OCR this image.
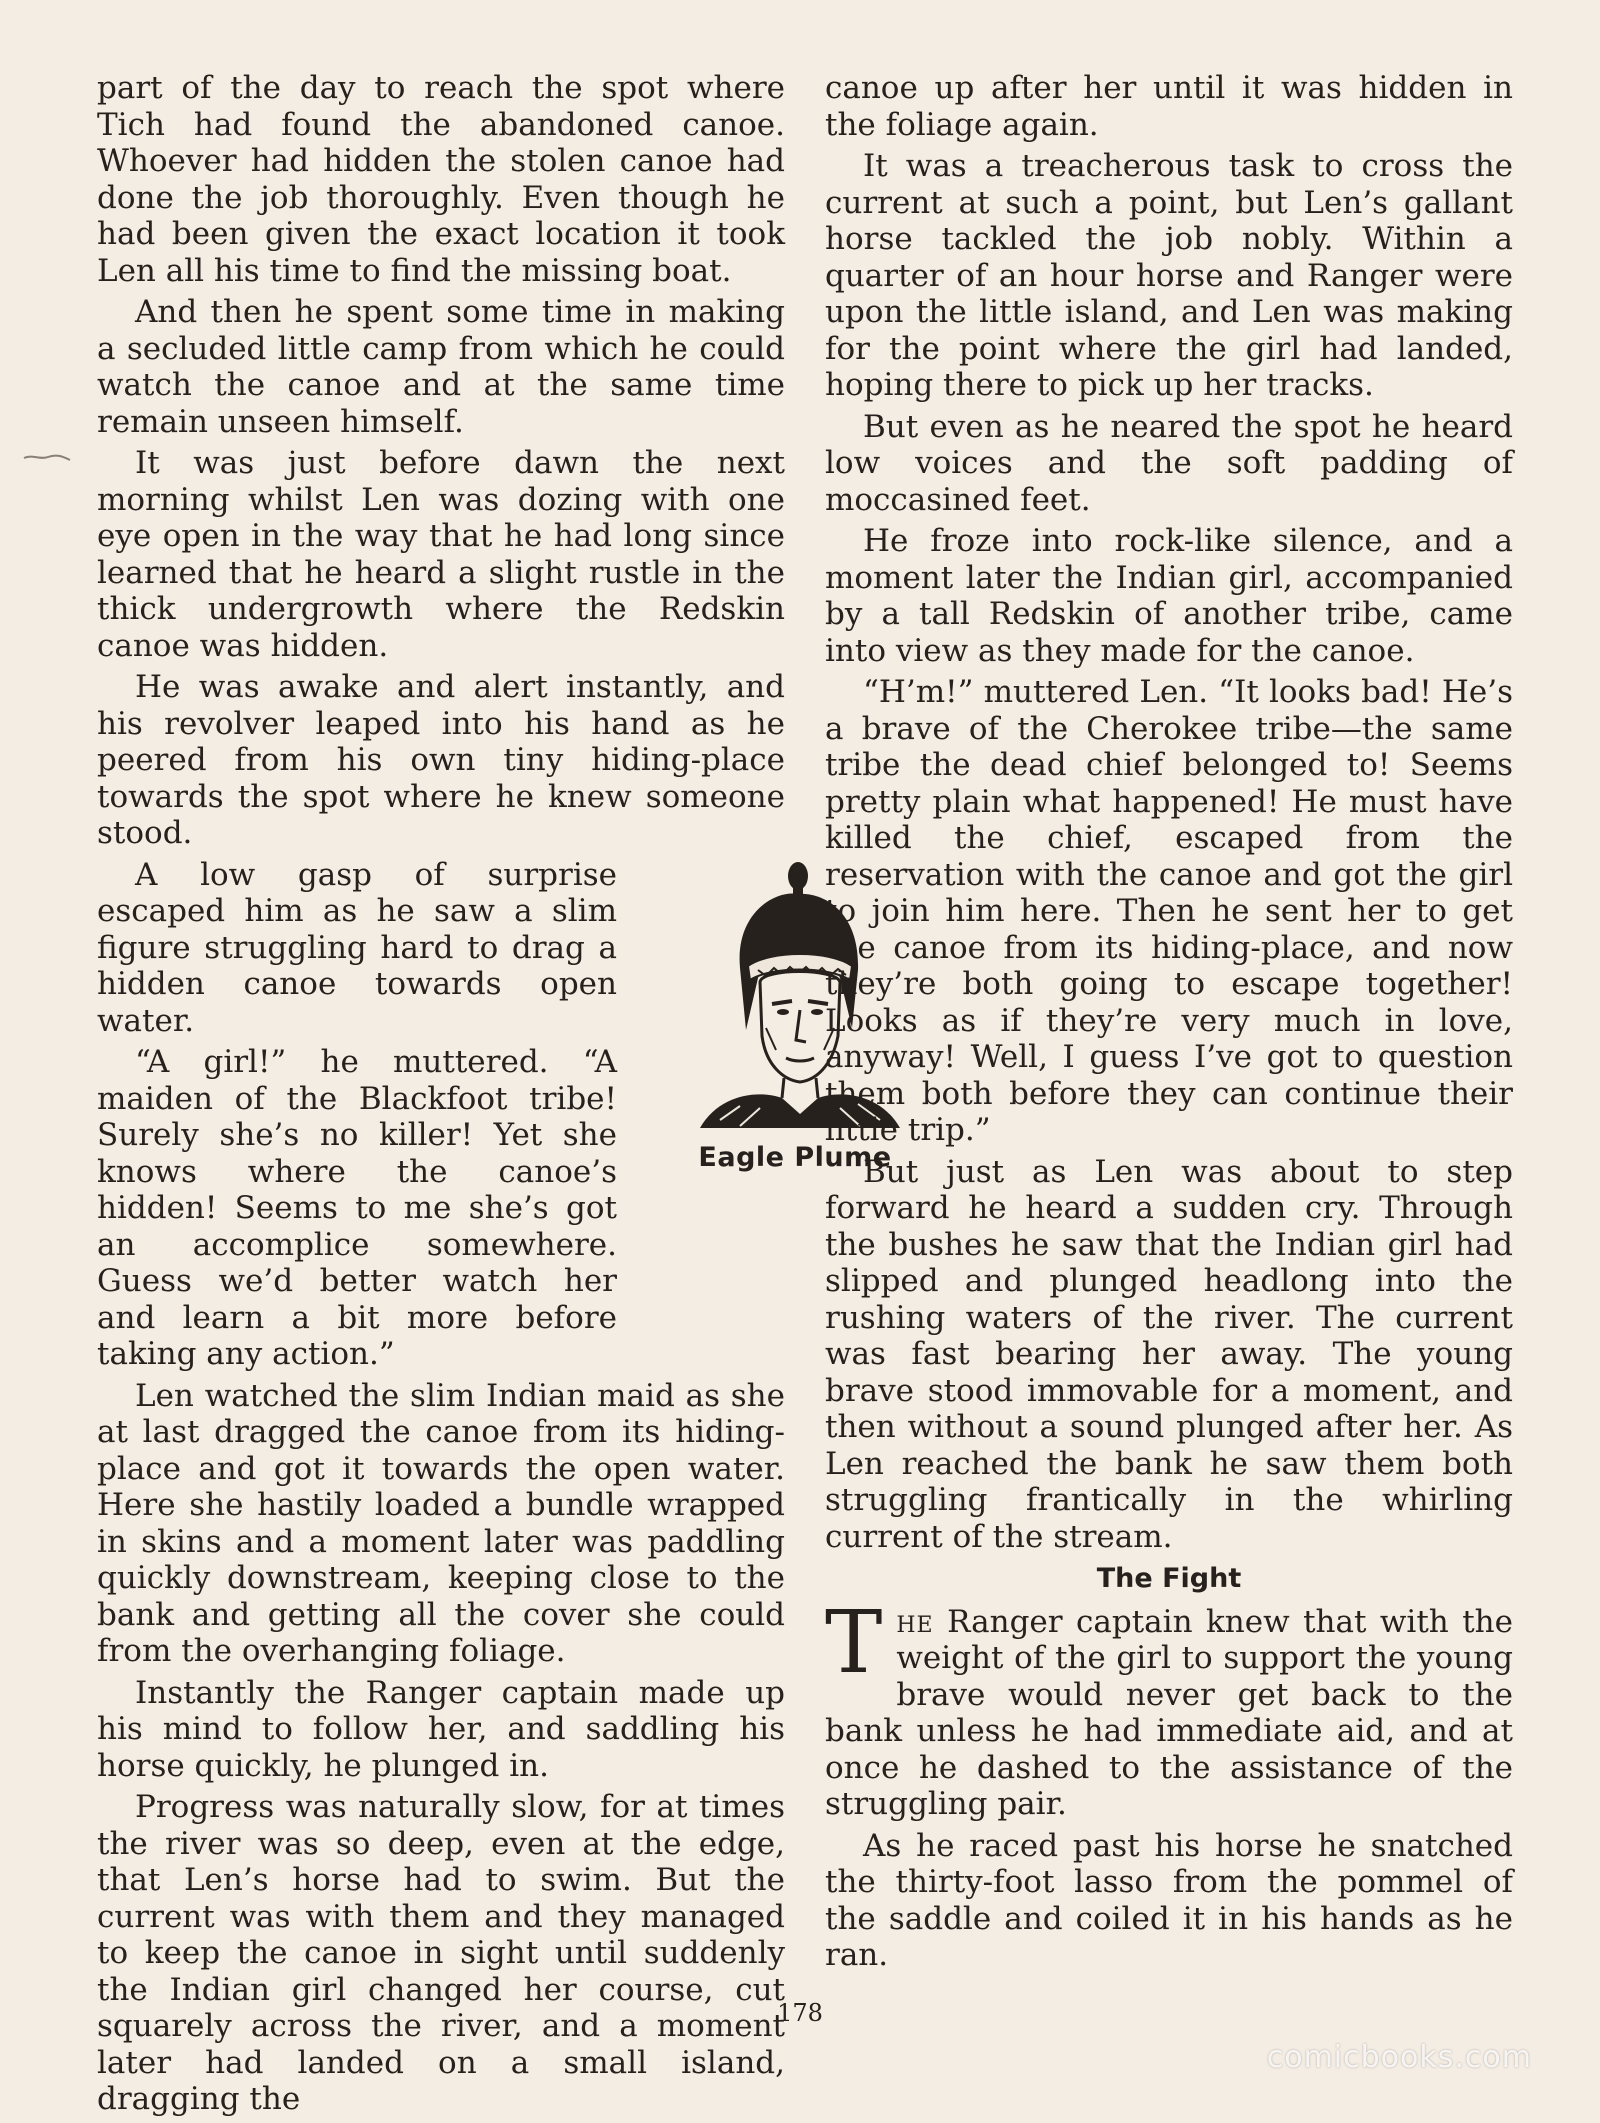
part of the day to reach the spot where Tich had found the abandoned canoe. Whoever had hidden the stolen canoe had done the job thoroughly. Even though he had been given the exact location it took Len all his time to find the missing boat.

And then he spent some time in making a secluded little camp from which he could watch the canoe and at the same time remain unseen himself.

It was just before dawn the next morning whilst Len was dozing with one eye open in the way that he had long since learned that he heard a slight rustle in the thick undergrowth where the Redskin canoe was hidden.

He was awake and alert instantly, and his revolver leaped into his hand as he peered from his own tiny hiding-place towards the spot where he knew someone stood.

A low gasp of surprise escaped him as he saw a slim figure struggling hard to drag a hidden canoe towards open water.

“A girl!” he muttered. “A maiden of the Blackfoot tribe! Surely she’s no killer! Yet she knows where the canoe’s hidden! Seems to me she’s got an accomplice somewhere. Guess we’d better watch her and learn a bit more before taking any action.”

Len watched the slim Indian maid as she at last dragged the canoe from its hiding-place and got it towards the open water. Here she hastily loaded a bundle wrapped in skins and a moment later was paddling quickly downstream, keeping close to the bank and getting all the cover she could from the overhanging foliage.

Instantly the Ranger captain made up his mind to follow her, and saddling his horse quickly, he plunged in.

Progress was naturally slow, for at times the river was so deep, even at the edge, that Len’s horse had to swim. But the current was with them and they managed to keep the canoe in sight until suddenly the Indian girl changed her course, cut squarely across the river, and a moment later had landed on a small island, dragging the

Eagle Plume

canoe up after her until it was hidden in the foliage again.

It was a treacherous task to cross the current at such a point, but Len’s gallant horse tackled the job nobly. Within a quarter of an hour horse and Ranger were upon the little island, and Len was making for the point where the girl had landed, hoping there to pick up her tracks.

But even as he neared the spot he heard low voices and the soft padding of moccasined feet.

He froze into rock-like silence, and a moment later the Indian girl, accompanied by a tall Redskin of another tribe, came into view as they made for the canoe.

“H’m!” muttered Len. “It looks bad! He’s a brave of the Cherokee tribe—the same tribe the dead chief belonged to! Seems pretty plain what happened! He must have killed the chief, escaped from the reservation with the canoe and got the girl to join him here. Then he sent her to get the canoe from its hiding-place, and now they’re both going to escape together! Looks as if they’re very much in love, anyway! Well, I guess I’ve got to question them both before they can continue their little trip.”

But just as Len was about to step forward he heard a sudden cry. Through the bushes he saw that the Indian girl had slipped and plunged headlong into the rushing waters of the river. The current was fast bearing her away. The young brave stood immovable for a moment, and then without a sound plunged after her. As Len reached the bank he saw them both struggling frantically in the whirling current of the stream.

The Fight

The Ranger captain knew that with the weight of the girl to support the young brave would never get back to the bank unless he had immediate aid, and at once he dashed to the assistance of the struggling pair.

As he raced past his horse he snatched the thirty-foot lasso from the pommel of the saddle and coiled it in his hands as he ran.

178
comicbooks.com
